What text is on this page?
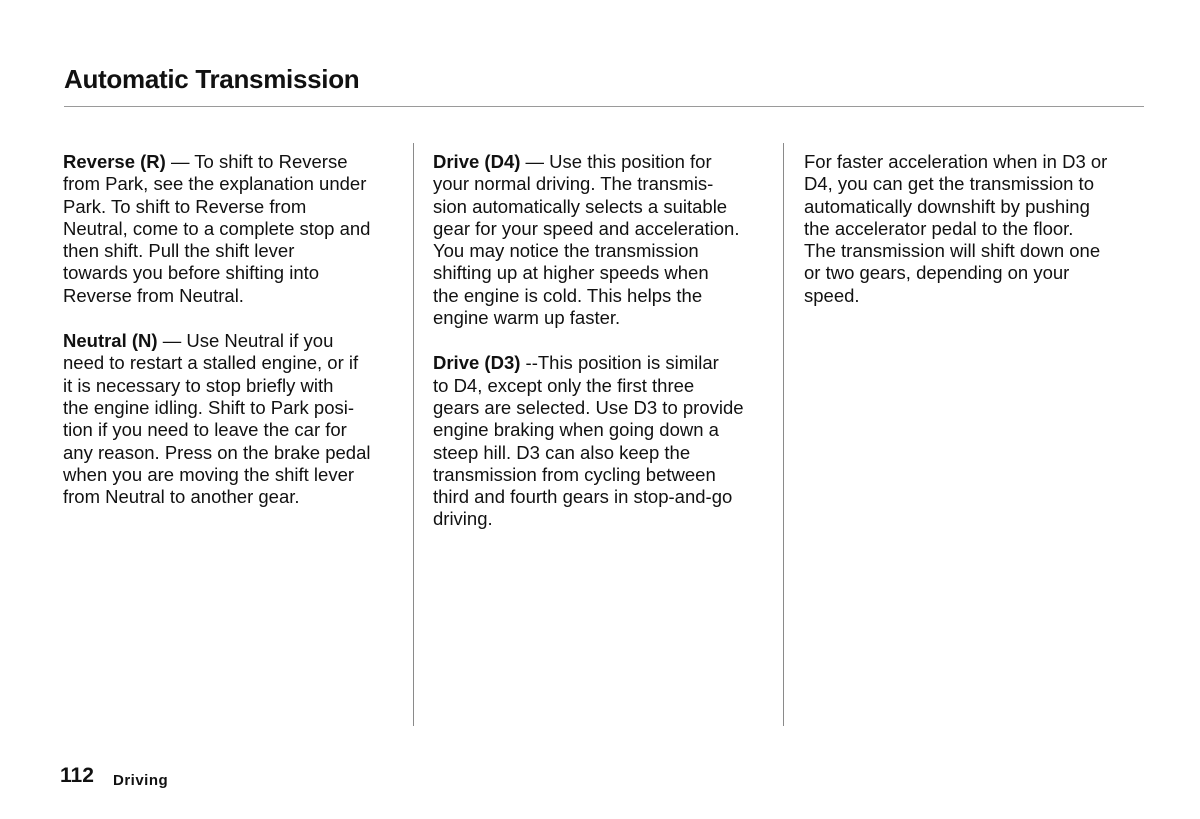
Automatic Transmission

Reverse (R) — To shift to Reverse
from Park, see the explanation under
Park. To shift to Reverse from
Neutral, come to a complete stop and
then shift. Pull the shift lever
towards you before shifting into
Reverse from Neutral.

Neutral (N) — Use Neutral if you
need to restart a stalled engine, or if
it is necessary to stop briefly with
the engine idling. Shift to Park posi-
tion if you need to leave the car for
any reason. Press on the brake pedal
when you are moving the shift lever
from Neutral to another gear.

Drive (D4) — Use this position for
your normal driving. The transmis-
sion automatically selects a suitable
gear for your speed and acceleration.
You may notice the transmission
shifting up at higher speeds when
the engine is cold. This helps the
engine warm up faster.

Drive (D3) --This position is similar
to D4, except only the first three
gears are selected. Use D3 to provide
engine braking when going down a
steep hill. D3 can also keep the
transmission from cycling between
third and fourth gears in stop-and-go
driving.

For faster acceleration when in D3 or
D4, you can get the transmission to
automatically downshift by pushing
the accelerator pedal to the floor.
The transmission will shift down one
or two gears, depending on your
speed.

112 Driving
